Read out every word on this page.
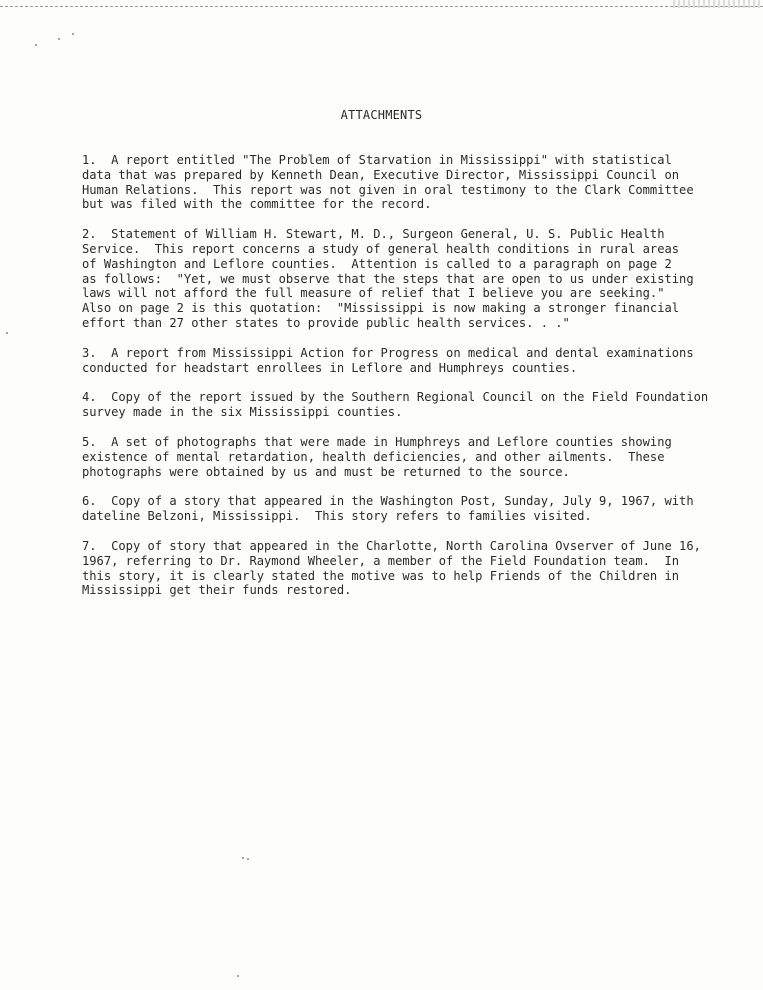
ATTACHMENTS
1. A report entitled "The Problem of Starvation in Mississippi" with statistical
data that was prepared by Kenneth Dean, Executive Director, Mississippi Council on
Human Relations.  This report was not given in oral testimony to the Clark Committee
but was filed with the committee for the record.
2. Statement of William H. Stewart, M. D., Surgeon General, U. S. Public Health
Service.  This report concerns a study of general health conditions in rural areas
of Washington and Leflore counties.  Attention is called to a paragraph on page 2
as follows:  "Yet, we must observe that the steps that are open to us under existing
laws will not afford the full measure of relief that I believe you are seeking."
Also on page 2 is this quotation:  "Mississippi is now making a stronger financial
effort than 27 other states to provide public health services. . ."
3. A report from Mississippi Action for Progress on medical and dental examinations
conducted for headstart enrollees in Leflore and Humphreys counties.
4. Copy of the report issued by the Southern Regional Council on the Field Foundation
survey made in the six Mississippi counties.
5. A set of photographs that were made in Humphreys and Leflore counties showing
existence of mental retardation, health deficiencies, and other ailments.  These
photographs were obtained by us and must be returned to the source.
6. Copy of a story that appeared in the Washington Post, Sunday, July 9, 1967, with
dateline Belzoni, Mississippi.  This story refers to families visited.
7. Copy of story that appeared in the Charlotte, North Carolina Ovserver of June 16,
1967, referring to Dr. Raymond Wheeler, a member of the Field Foundation team.  In
this story, it is clearly stated the motive was to help Friends of the Children in
Mississippi get their funds restored.
